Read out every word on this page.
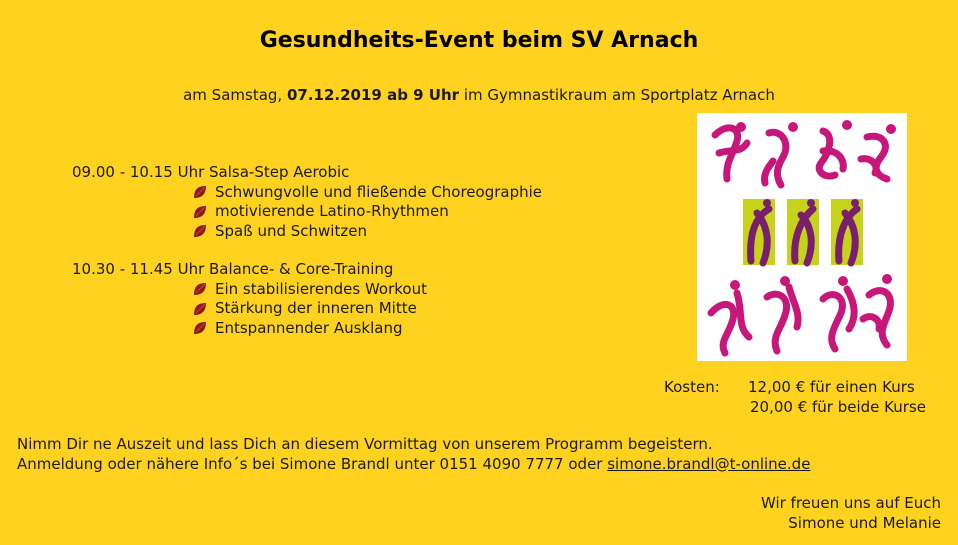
Gesundheits-Event beim SV Arnach
am Samstag, 07.12.2019 ab 9 Uhr im Gymnastikraum am Sportplatz Arnach
09.00 - 10.15 Uhr Salsa-Step Aerobic
Schwungvolle und fließende Choreographie
motivierende Latino-Rhythmen
Spaß und Schwitzen
10.30 - 11.45 Uhr Balance- & Core-Training
Ein stabilisierendes Workout
Stärkung der inneren Mitte
Entspannender Ausklang
Kosten: 12,00 € für einen Kurs
20,00 € für beide Kurse
Nimm Dir ne Auszeit und lass Dich an diesem Vormittag von unserem Programm begeistern.
Anmeldung oder nähere Info´s bei Simone Brandl unter 0151 4090 7777 oder simone.brandl@t-online.de
Wir freuen uns auf Euch
Simone und Melanie
